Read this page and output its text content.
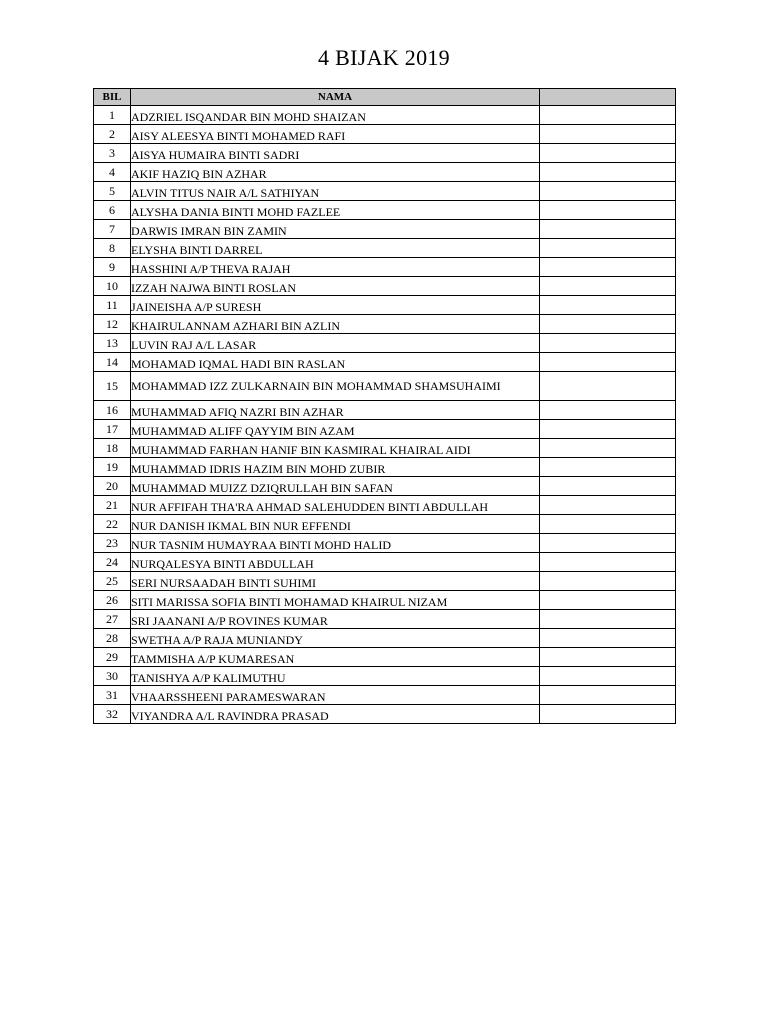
4 BIJAK 2019
BIL	NAMA	
1	ADZRIEL ISQANDAR BIN MOHD SHAIZAN	
2	AISY ALEESYA BINTI MOHAMED RAFI	
3	AISYA HUMAIRA BINTI SADRI	
4	AKIF HAZIQ BIN AZHAR	
5	ALVIN TITUS NAIR A/L SATHIYAN	
6	ALYSHA DANIA BINTI MOHD FAZLEE	
7	DARWIS IMRAN BIN ZAMIN	
8	ELYSHA BINTI DARREL	
9	HASSHINI A/P THEVA RAJAH	
10	IZZAH NAJWA BINTI ROSLAN	
11	JAINEISHA A/P SURESH	
12	KHAIRULANNAM AZHARI BIN AZLIN	
13	LUVIN RAJ A/L LASAR	
14	MOHAMAD IQMAL HADI BIN RASLAN	
15	MOHAMMAD IZZ ZULKARNAIN BIN MOHAMMAD SHAMSUHAIMI	
16	MUHAMMAD AFIQ NAZRI BIN AZHAR	
17	MUHAMMAD ALIFF QAYYIM BIN AZAM	
18	MUHAMMAD FARHAN HANIF BIN KASMIRAL KHAIRAL AIDI	
19	MUHAMMAD IDRIS HAZIM BIN MOHD ZUBIR	
20	MUHAMMAD MUIZZ DZIQRULLAH BIN SAFAN	
21	NUR AFFIFAH THA'RA AHMAD SALEHUDDEN BINTI ABDULLAH	
22	NUR DANISH IKMAL BIN NUR EFFENDI	
23	NUR TASNIM HUMAYRAA BINTI MOHD HALID	
24	NURQALESYA BINTI ABDULLAH	
25	SERI NURSAADAH BINTI SUHIMI	
26	SITI MARISSA SOFIA BINTI MOHAMAD KHAIRUL NIZAM	
27	SRI JAANANI A/P ROVINES KUMAR	
28	SWETHA A/P RAJA MUNIANDY	
29	TAMMISHA A/P KUMARESAN	
30	TANISHYA A/P KALIMUTHU	
31	VHAARSSHEENI PARAMESWARAN	
32	VIYANDRA A/L RAVINDRA PRASAD	
